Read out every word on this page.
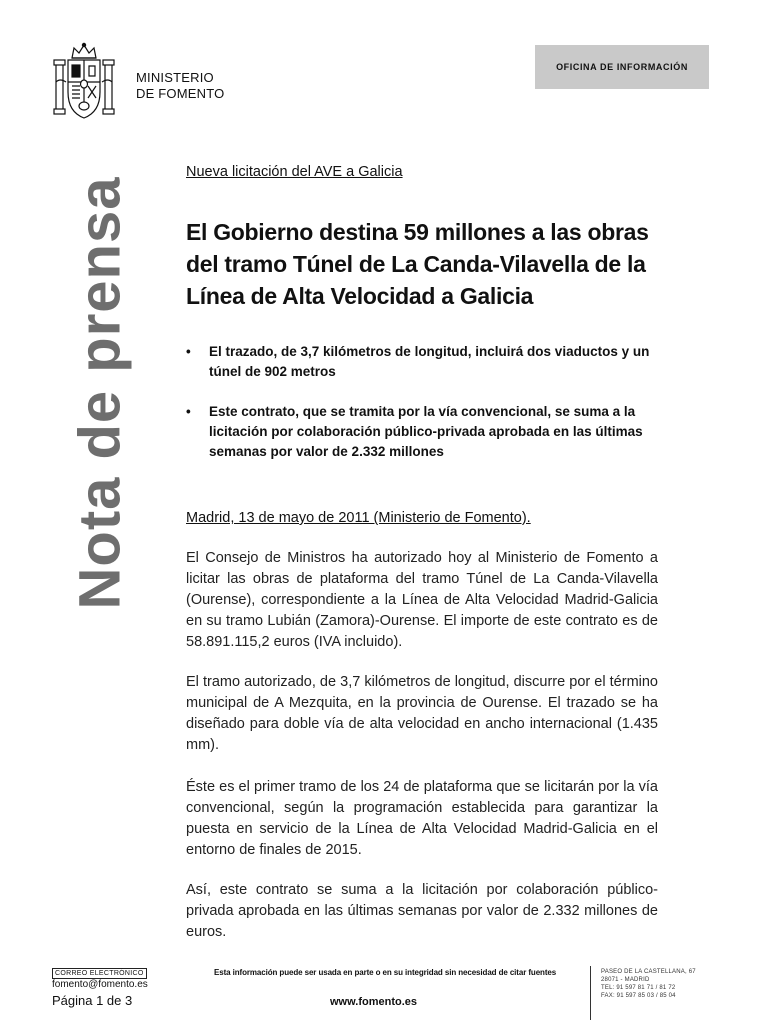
MINISTERIO
DE FOMENTO
OFICINA DE INFORMACIÓN
Nota de prensa
Nueva licitación del AVE a Galicia
El Gobierno destina 59 millones a las obras del tramo Túnel de La Canda-Vilavella de la Línea de Alta Velocidad a Galicia
• El trazado, de 3,7 kilómetros de longitud, incluirá dos viaductos y un túnel de 902 metros
• Este contrato, que se tramita por la vía convencional, se suma a la licitación por colaboración público-privada aprobada en las últimas semanas por valor de 2.332 millones
Madrid, 13 de mayo de 2011 (Ministerio de Fomento).
El Consejo de Ministros ha autorizado hoy al Ministerio de Fomento a licitar las obras de plataforma del tramo Túnel de La Canda-Vilavella (Ourense), correspondiente a la Línea de Alta Velocidad Madrid-Galicia en su tramo Lubián (Zamora)-Ourense. El importe de este contrato es de 58.891.115,2 euros (IVA incluido).
El tramo autorizado, de 3,7 kilómetros de longitud, discurre por el término municipal de A Mezquita, en la provincia de Ourense. El trazado se ha diseñado para doble vía de alta velocidad en ancho internacional (1.435 mm).
Éste es el primer tramo de los 24 de plataforma que se licitarán por la vía convencional, según la programación establecida para garantizar la puesta en servicio de la Línea de Alta Velocidad Madrid-Galicia en el entorno de finales de 2015.
Así, este contrato se suma a la licitación por colaboración público-privada aprobada en las últimas semanas por valor de 2.332 millones de euros.
CORREO ELECTRÓNICO
fomento@fomento.es
Esta información puede ser usada en parte o en su integridad sin necesidad de citar fuentes
Página 1 de 3	www.fomento.es
PASEO DE LA CASTELLANA, 67
28071 - MADRID
TEL: 91 597 81 71 / 81 72
FAX: 91 597 85 03 / 85 04
